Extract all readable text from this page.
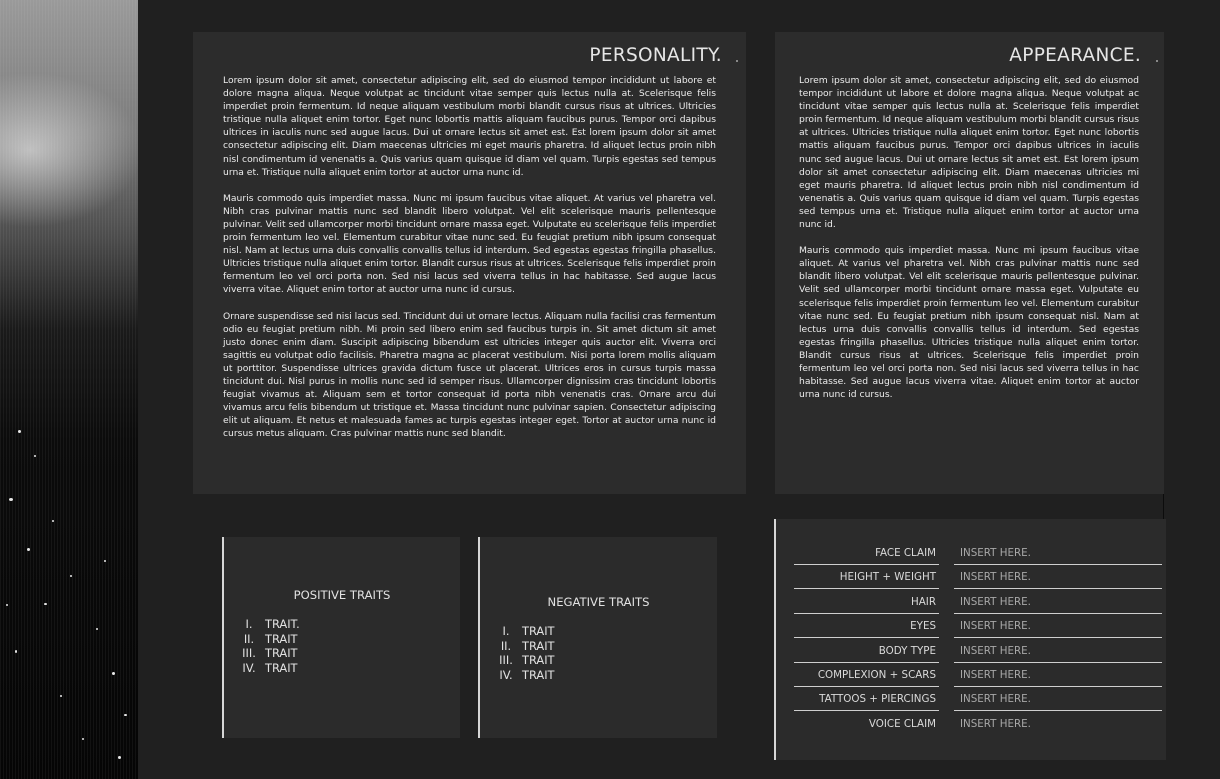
PERSONALITY.

Lorem ipsum dolor sit amet, consectetur adipiscing elit, sed do eiusmod tempor incididunt ut labore et dolore magna aliqua. Neque volutpat ac tincidunt vitae semper quis lectus nulla at. Scelerisque felis imperdiet proin fermentum. Id neque aliquam vestibulum morbi blandit cursus risus at ultrices. Ultricies tristique nulla aliquet enim tortor. Eget nunc lobortis mattis aliquam faucibus purus. Tempor orci dapibus ultrices in iaculis nunc sed augue lacus. Dui ut ornare lectus sit amet est. Est lorem ipsum dolor sit amet consectetur adipiscing elit. Diam maecenas ultricies mi eget mauris pharetra. Id aliquet lectus proin nibh nisl condimentum id venenatis a. Quis varius quam quisque id diam vel quam. Turpis egestas sed tempus urna et. Tristique nulla aliquet enim tortor at auctor urna nunc id.

Mauris commodo quis imperdiet massa. Nunc mi ipsum faucibus vitae aliquet. At varius vel pharetra vel. Nibh cras pulvinar mattis nunc sed blandit libero volutpat. Vel elit scelerisque mauris pellentesque pulvinar. Velit sed ullamcorper morbi tincidunt ornare massa eget. Vulputate eu scelerisque felis imperdiet proin fermentum leo vel. Elementum curabitur vitae nunc sed. Eu feugiat pretium nibh ipsum consequat nisl. Nam at lectus urna duis convallis convallis tellus id interdum. Sed egestas egestas fringilla phasellus. Ultricies tristique nulla aliquet enim tortor. Blandit cursus risus at ultrices. Scelerisque felis imperdiet proin fermentum leo vel orci porta non. Sed nisi lacus sed viverra tellus in hac habitasse. Sed augue lacus viverra vitae. Aliquet enim tortor at auctor urna nunc id cursus.

Ornare suspendisse sed nisi lacus sed. Tincidunt dui ut ornare lectus. Aliquam nulla facilisi cras fermentum odio eu feugiat pretium nibh. Mi proin sed libero enim sed faucibus turpis in. Sit amet dictum sit amet justo donec enim diam. Suscipit adipiscing bibendum est ultricies integer quis auctor elit. Viverra orci sagittis eu volutpat odio facilisis. Pharetra magna ac placerat vestibulum. Nisi porta lorem mollis aliquam ut porttitor. Suspendisse ultrices gravida dictum fusce ut placerat. Ultrices eros in cursus turpis massa tincidunt dui. Nisl purus in mollis nunc sed id semper risus. Ullamcorper dignissim cras tincidunt lobortis feugiat vivamus at. Aliquam sem et tortor consequat id porta nibh venenatis cras. Ornare arcu dui vivamus arcu felis bibendum ut tristique et. Massa tincidunt nunc pulvinar sapien. Consectetur adipiscing elit ut aliquam. Et netus et malesuada fames ac turpis egestas integer eget. Tortor at auctor urna nunc id cursus metus aliquam. Cras pulvinar mattis nunc sed blandit.

APPEARANCE.

Lorem ipsum dolor sit amet, consectetur adipiscing elit, sed do eiusmod tempor incididunt ut labore et dolore magna aliqua. Neque volutpat ac tincidunt vitae semper quis lectus nulla at. Scelerisque felis imperdiet proin fermentum. Id neque aliquam vestibulum morbi blandit cursus risus at ultrices. Ultricies tristique nulla aliquet enim tortor. Eget nunc lobortis mattis aliquam faucibus purus. Tempor orci dapibus ultrices in iaculis nunc sed augue lacus. Dui ut ornare lectus sit amet est. Est lorem ipsum dolor sit amet consectetur adipiscing elit. Diam maecenas ultricies mi eget mauris pharetra. Id aliquet lectus proin nibh nisl condimentum id venenatis a. Quis varius quam quisque id diam vel quam. Turpis egestas sed tempus urna et. Tristique nulla aliquet enim tortor at auctor urna nunc id.

Mauris commodo quis imperdiet massa. Nunc mi ipsum faucibus vitae aliquet. At varius vel pharetra vel. Nibh cras pulvinar mattis nunc sed blandit libero volutpat. Vel elit scelerisque mauris pellentesque pulvinar. Velit sed ullamcorper morbi tincidunt ornare massa eget. Vulputate eu scelerisque felis imperdiet proin fermentum leo vel. Elementum curabitur vitae nunc sed. Eu feugiat pretium nibh ipsum consequat nisl. Nam at lectus urna duis convallis convallis tellus id interdum. Sed egestas egestas fringilla phasellus. Ultricies tristique nulla aliquet enim tortor. Blandit cursus risus at ultrices. Scelerisque felis imperdiet proin fermentum leo vel orci porta non. Sed nisi lacus sed viverra tellus in hac habitasse. Sed augue lacus viverra vitae. Aliquet enim tortor at auctor urna nunc id cursus.

POSITIVE TRAITS
I.	TRAIT.
II. TRAIT
III. TRAIT
IV. TRAIT
NEGATIVE TRAITS
I.	TRAIT
II. TRAIT
III. TRAIT
IV. TRAIT
FACE CLAIM	INSERT HERE.
HEIGHT + WEIGHT	INSERT HERE.
HAIR	INSERT HERE.
EYES	INSERT HERE.
BODY TYPE	INSERT HERE.
COMPLEXION + SCARS	INSERT HERE.
TATTOOS + PIERCINGS	INSERT HERE.
VOICE CLAIM	INSERT HERE.
